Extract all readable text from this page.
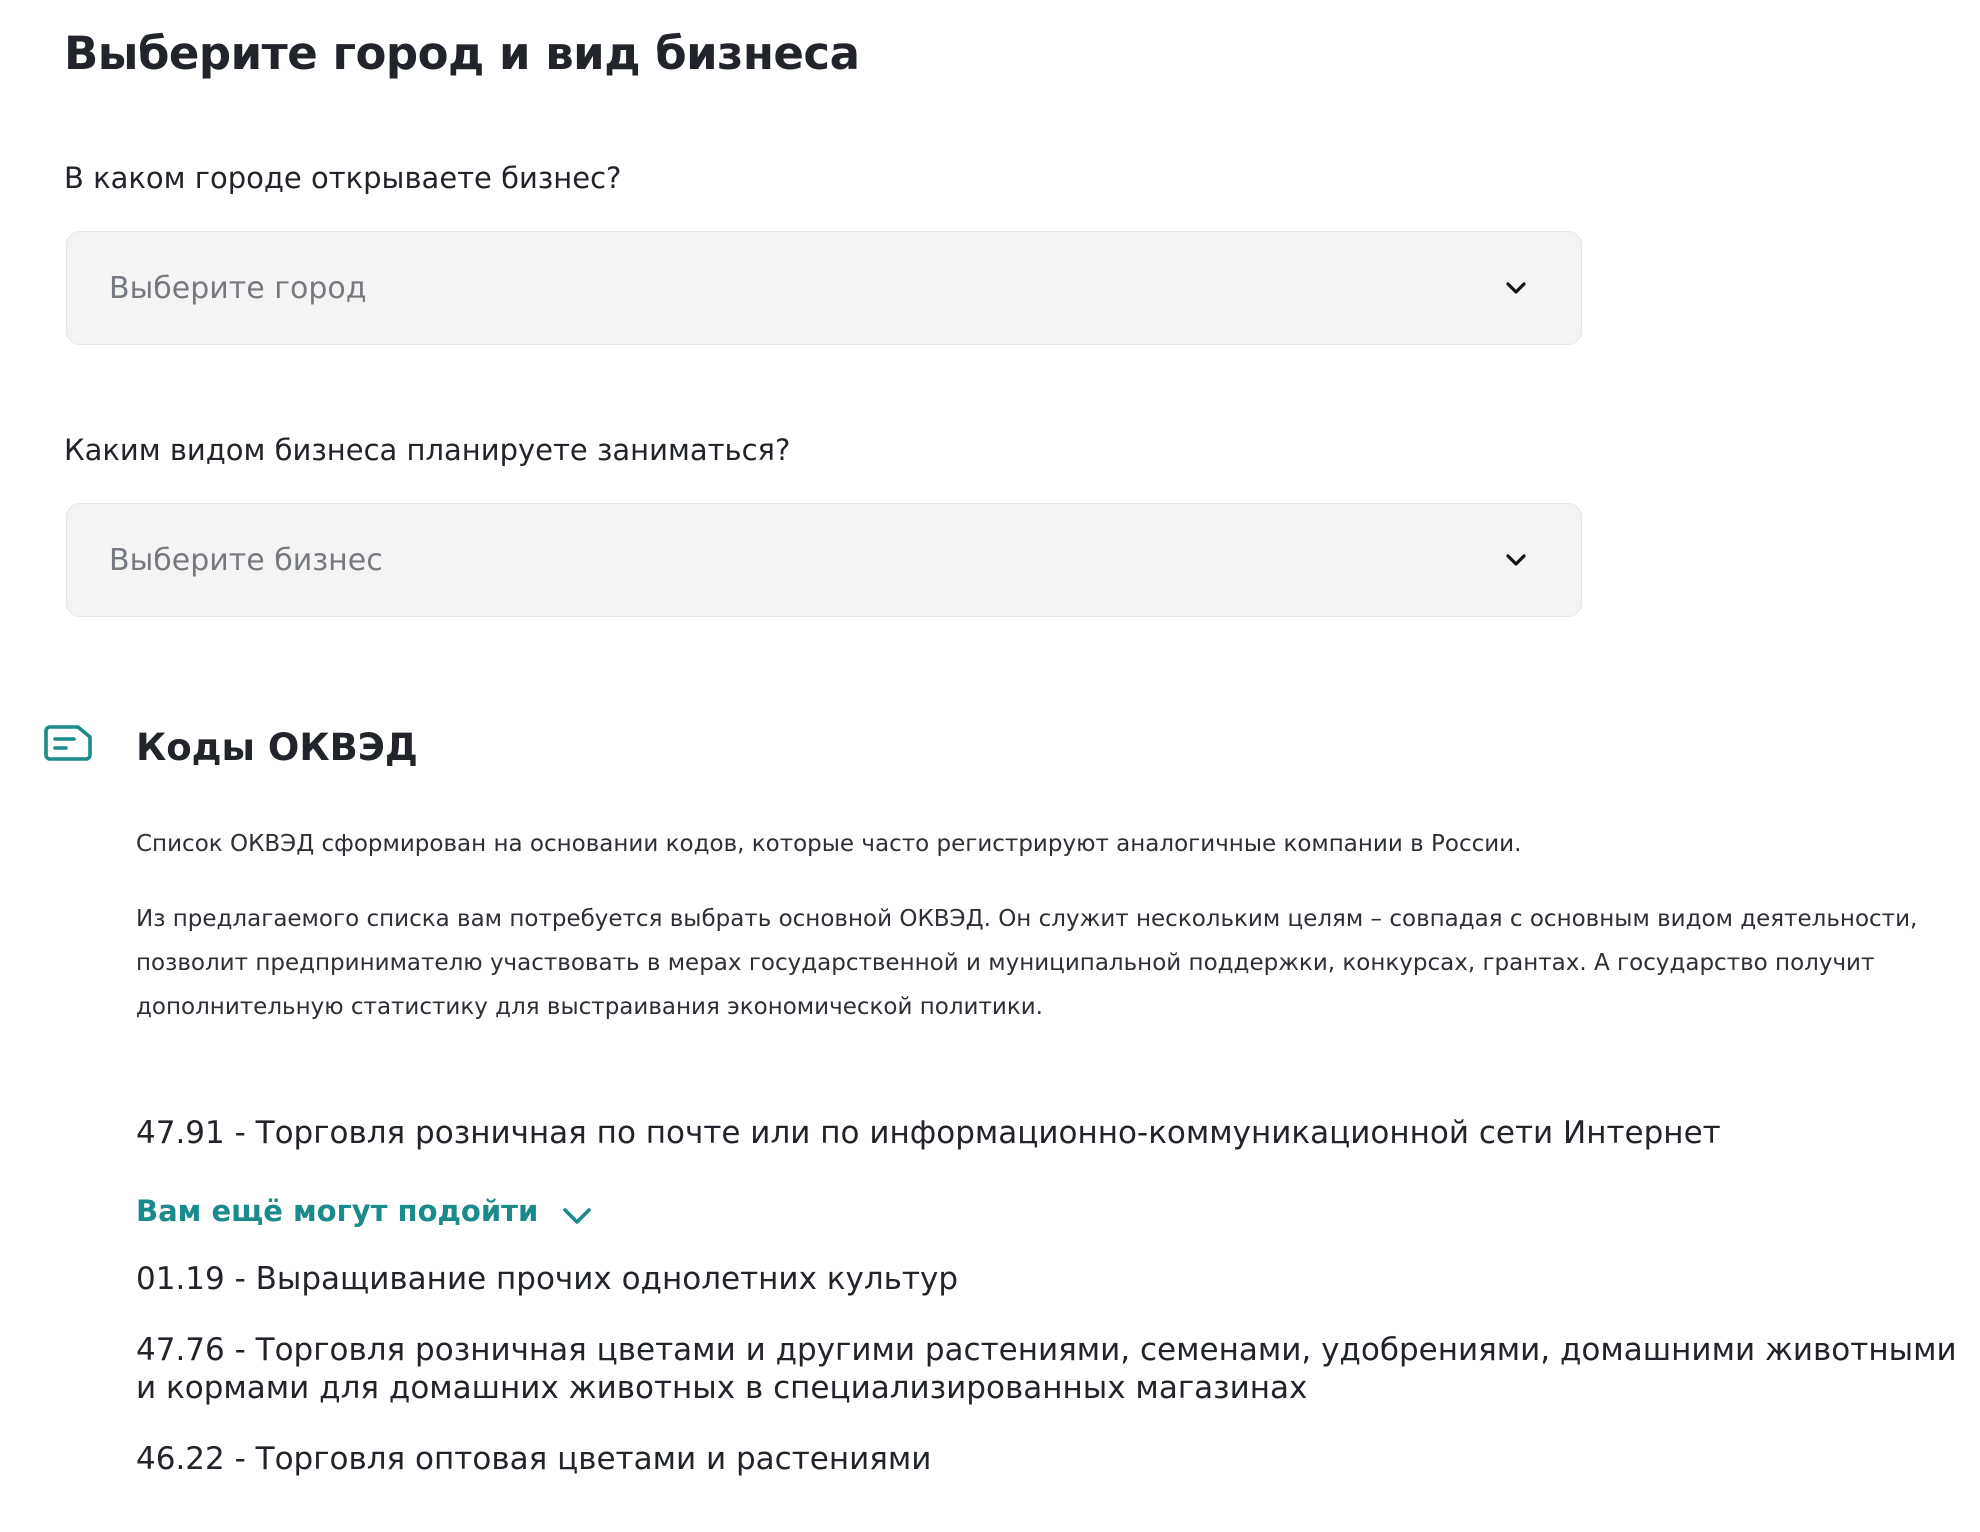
Выберите город и вид бизнеса
В каком городе открываете бизнес?
Выберите город
Каким видом бизнеса планируете заниматься?
Выберите бизнес
Коды ОКВЭД

Список ОКВЭД сформирован на основании кодов, которые часто регистрируют аналогичные компании в России.

Из предлагаемого списка вам потребуется выбрать основной ОКВЭД. Он служит нескольким целям – совпадая с основным видом деятельности, позволит предпринимателю участвовать в мерах государственной и муниципальной поддержки, конкурсах, грантах. А государство получит дополнительную статистику для выстраивания экономической политики.

47.91 - Торговля розничная по почте или по информационно-коммуникационной сети Интернет

Вам ещё могут подойти

01.19 - Выращивание прочих однолетних культур

47.76 - Торговля розничная цветами и другими растениями, семенами, удобрениями, домашними животными и кормами для домашних животных в специализированных магазинах

46.22 - Торговля оптовая цветами и растениями
